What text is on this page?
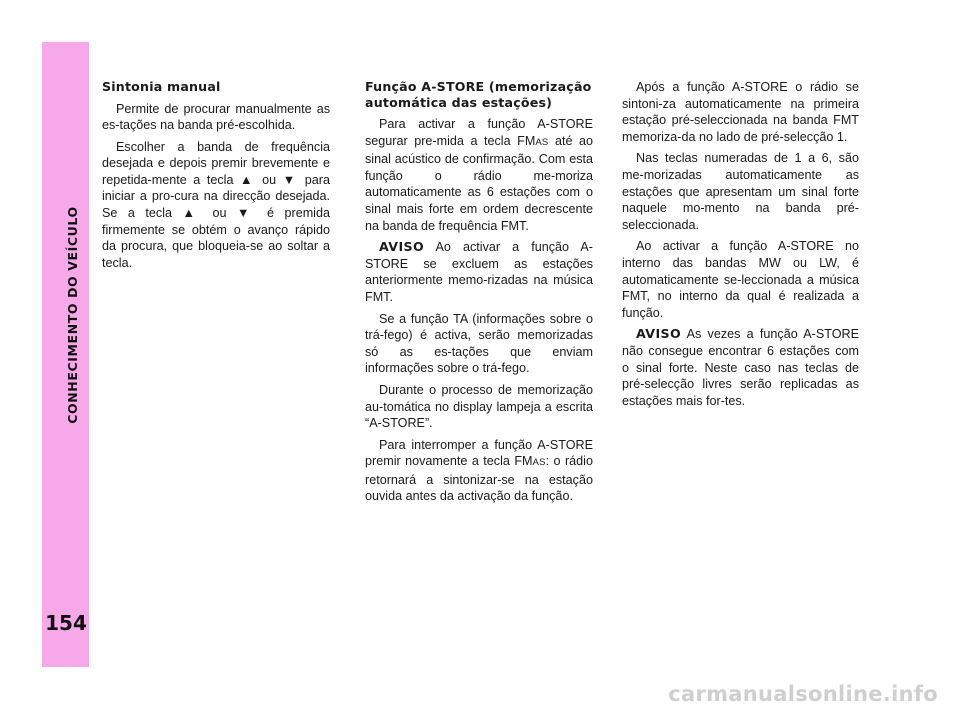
CONHECIMENTO DO VEÍCULO
154
Sintonia manual

Permite de procurar manualmente as es-tações na banda pré-escolhida.

Escolher a banda de frequência desejada e depois premir brevemente e repetida-mente a tecla ▲ ou ▼ para iniciar a pro-cura na direcção desejada. Se a tecla ▲ ou ▼ é premida firmemente se obtém o avanço rápido da procura, que bloqueia-se ao soltar a tecla.

Função A-STORE (memorização automática das estações)

Para activar a função A-STORE segurar pre-mida a tecla FMAS até ao sinal acústico de confirmação. Com esta função o rádio me-moriza automaticamente as 6 estações com o sinal mais forte em ordem decrescente na banda de frequência FMT.

AVISO Ao activar a função A-STORE se excluem as estações anteriormente memo-rizadas na música FMT.

Se a função TA (informações sobre o trá-fego) é activa, serão memorizadas só as es-tações que enviam informações sobre o trá-fego.

Durante o processo de memorização au-tomática no display lampeja a escrita “A-STORE”.

Para interromper a função A-STORE premir novamente a tecla FMAS: o rádio retornará a sintonizar-se na estação ouvida antes da activação da função.

Após a função A-STORE o rádio se sintoni-za automaticamente na primeira estação pré-seleccionada na banda FMT memoriza-da no lado de pré-selecção 1.

Nas teclas numeradas de 1 a 6, são me-morizadas automaticamente as estações que apresentam um sinal forte naquele mo-mento na banda pré-seleccionada.

Ao activar a função A-STORE no interno das bandas MW ou LW, é automaticamente se-leccionada a música FMT, no interno da qual é realizada a função.

AVISO As vezes a função A-STORE não consegue encontrar 6 estações com o sinal forte. Neste caso nas teclas de pré-selecção livres serão replicadas as estações mais for-tes.

carmanualsonline.info
